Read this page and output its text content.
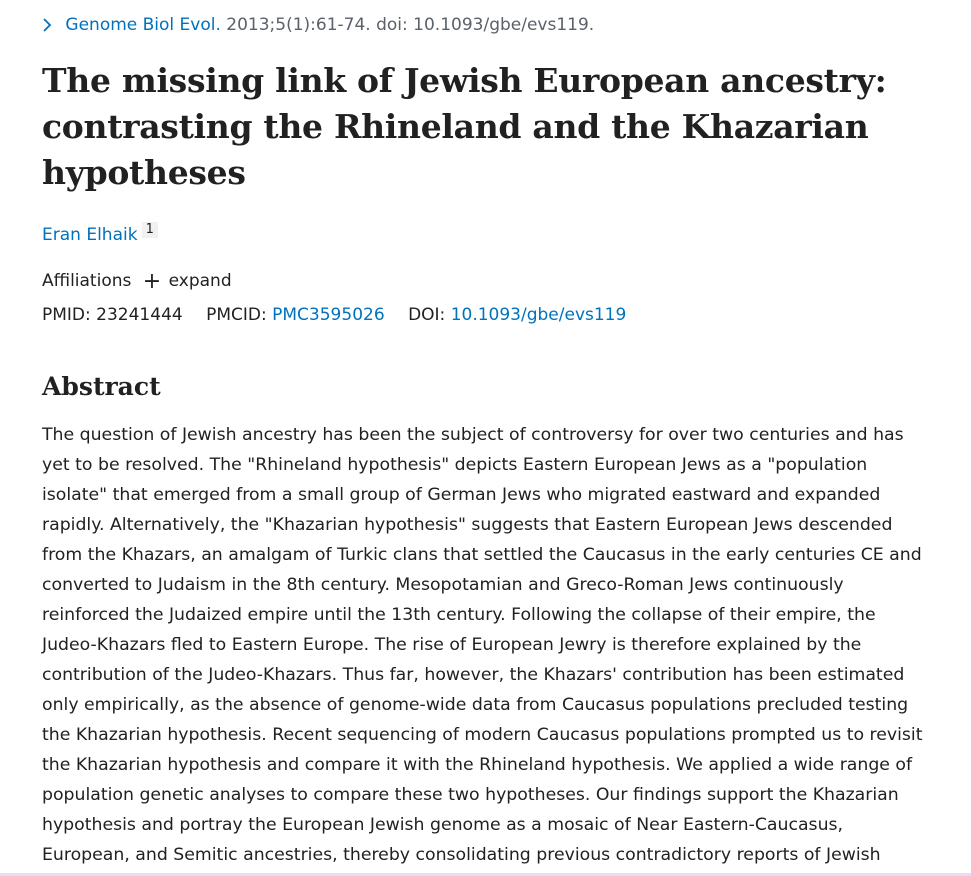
Genome Biol Evol. 2013;5(1):61-74. doi: 10.1093/gbe/evs119.
The missing link of Jewish European ancestry:
contrasting the Rhineland and the Khazarian
hypotheses
Eran Elhaik 1
Affiliations + expand
PMID: 23241444 PMCID: PMC3595026 DOI: 10.1093/gbe/evs119
Abstract
The question of Jewish ancestry has been the subject of controversy for over two centuries and has
yet to be resolved. The "Rhineland hypothesis" depicts Eastern European Jews as a "population
isolate" that emerged from a small group of German Jews who migrated eastward and expanded
rapidly. Alternatively, the "Khazarian hypothesis" suggests that Eastern European Jews descended
from the Khazars, an amalgam of Turkic clans that settled the Caucasus in the early centuries CE and
converted to Judaism in the 8th century. Mesopotamian and Greco-Roman Jews continuously
reinforced the Judaized empire until the 13th century. Following the collapse of their empire, the
Judeo-Khazars fled to Eastern Europe. The rise of European Jewry is therefore explained by the
contribution of the Judeo-Khazars. Thus far, however, the Khazars' contribution has been estimated
only empirically, as the absence of genome-wide data from Caucasus populations precluded testing
the Khazarian hypothesis. Recent sequencing of modern Caucasus populations prompted us to revisit
the Khazarian hypothesis and compare it with the Rhineland hypothesis. We applied a wide range of
population genetic analyses to compare these two hypotheses. Our findings support the Khazarian
hypothesis and portray the European Jewish genome as a mosaic of Near Eastern-Caucasus,
European, and Semitic ancestries, thereby consolidating previous contradictory reports of Jewish
